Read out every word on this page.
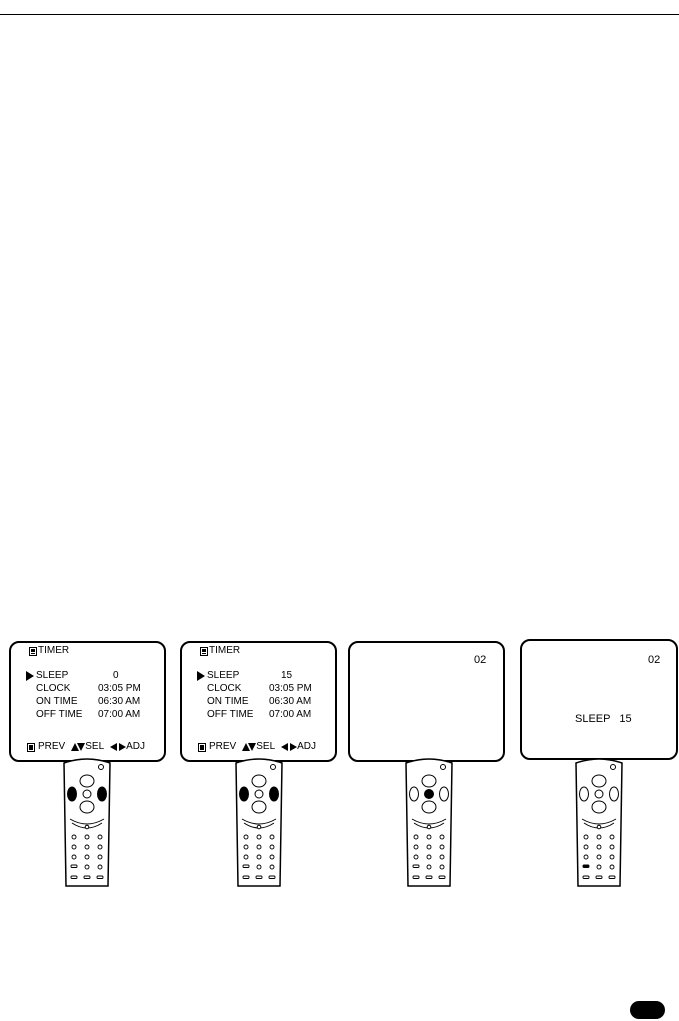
TIMER
SLEEP	0
CLOCK	03:05 PM
ON TIME 06:30 AM
OFF TIME 07:00 AM
PREV SEL ADJ
TIMER
SLEEP	15
CLOCK	03:05 PM
ON TIME 06:30 AM
OFF TIME 07:00 AM
PREV SEL ADJ
02	02
SLEEP   15
